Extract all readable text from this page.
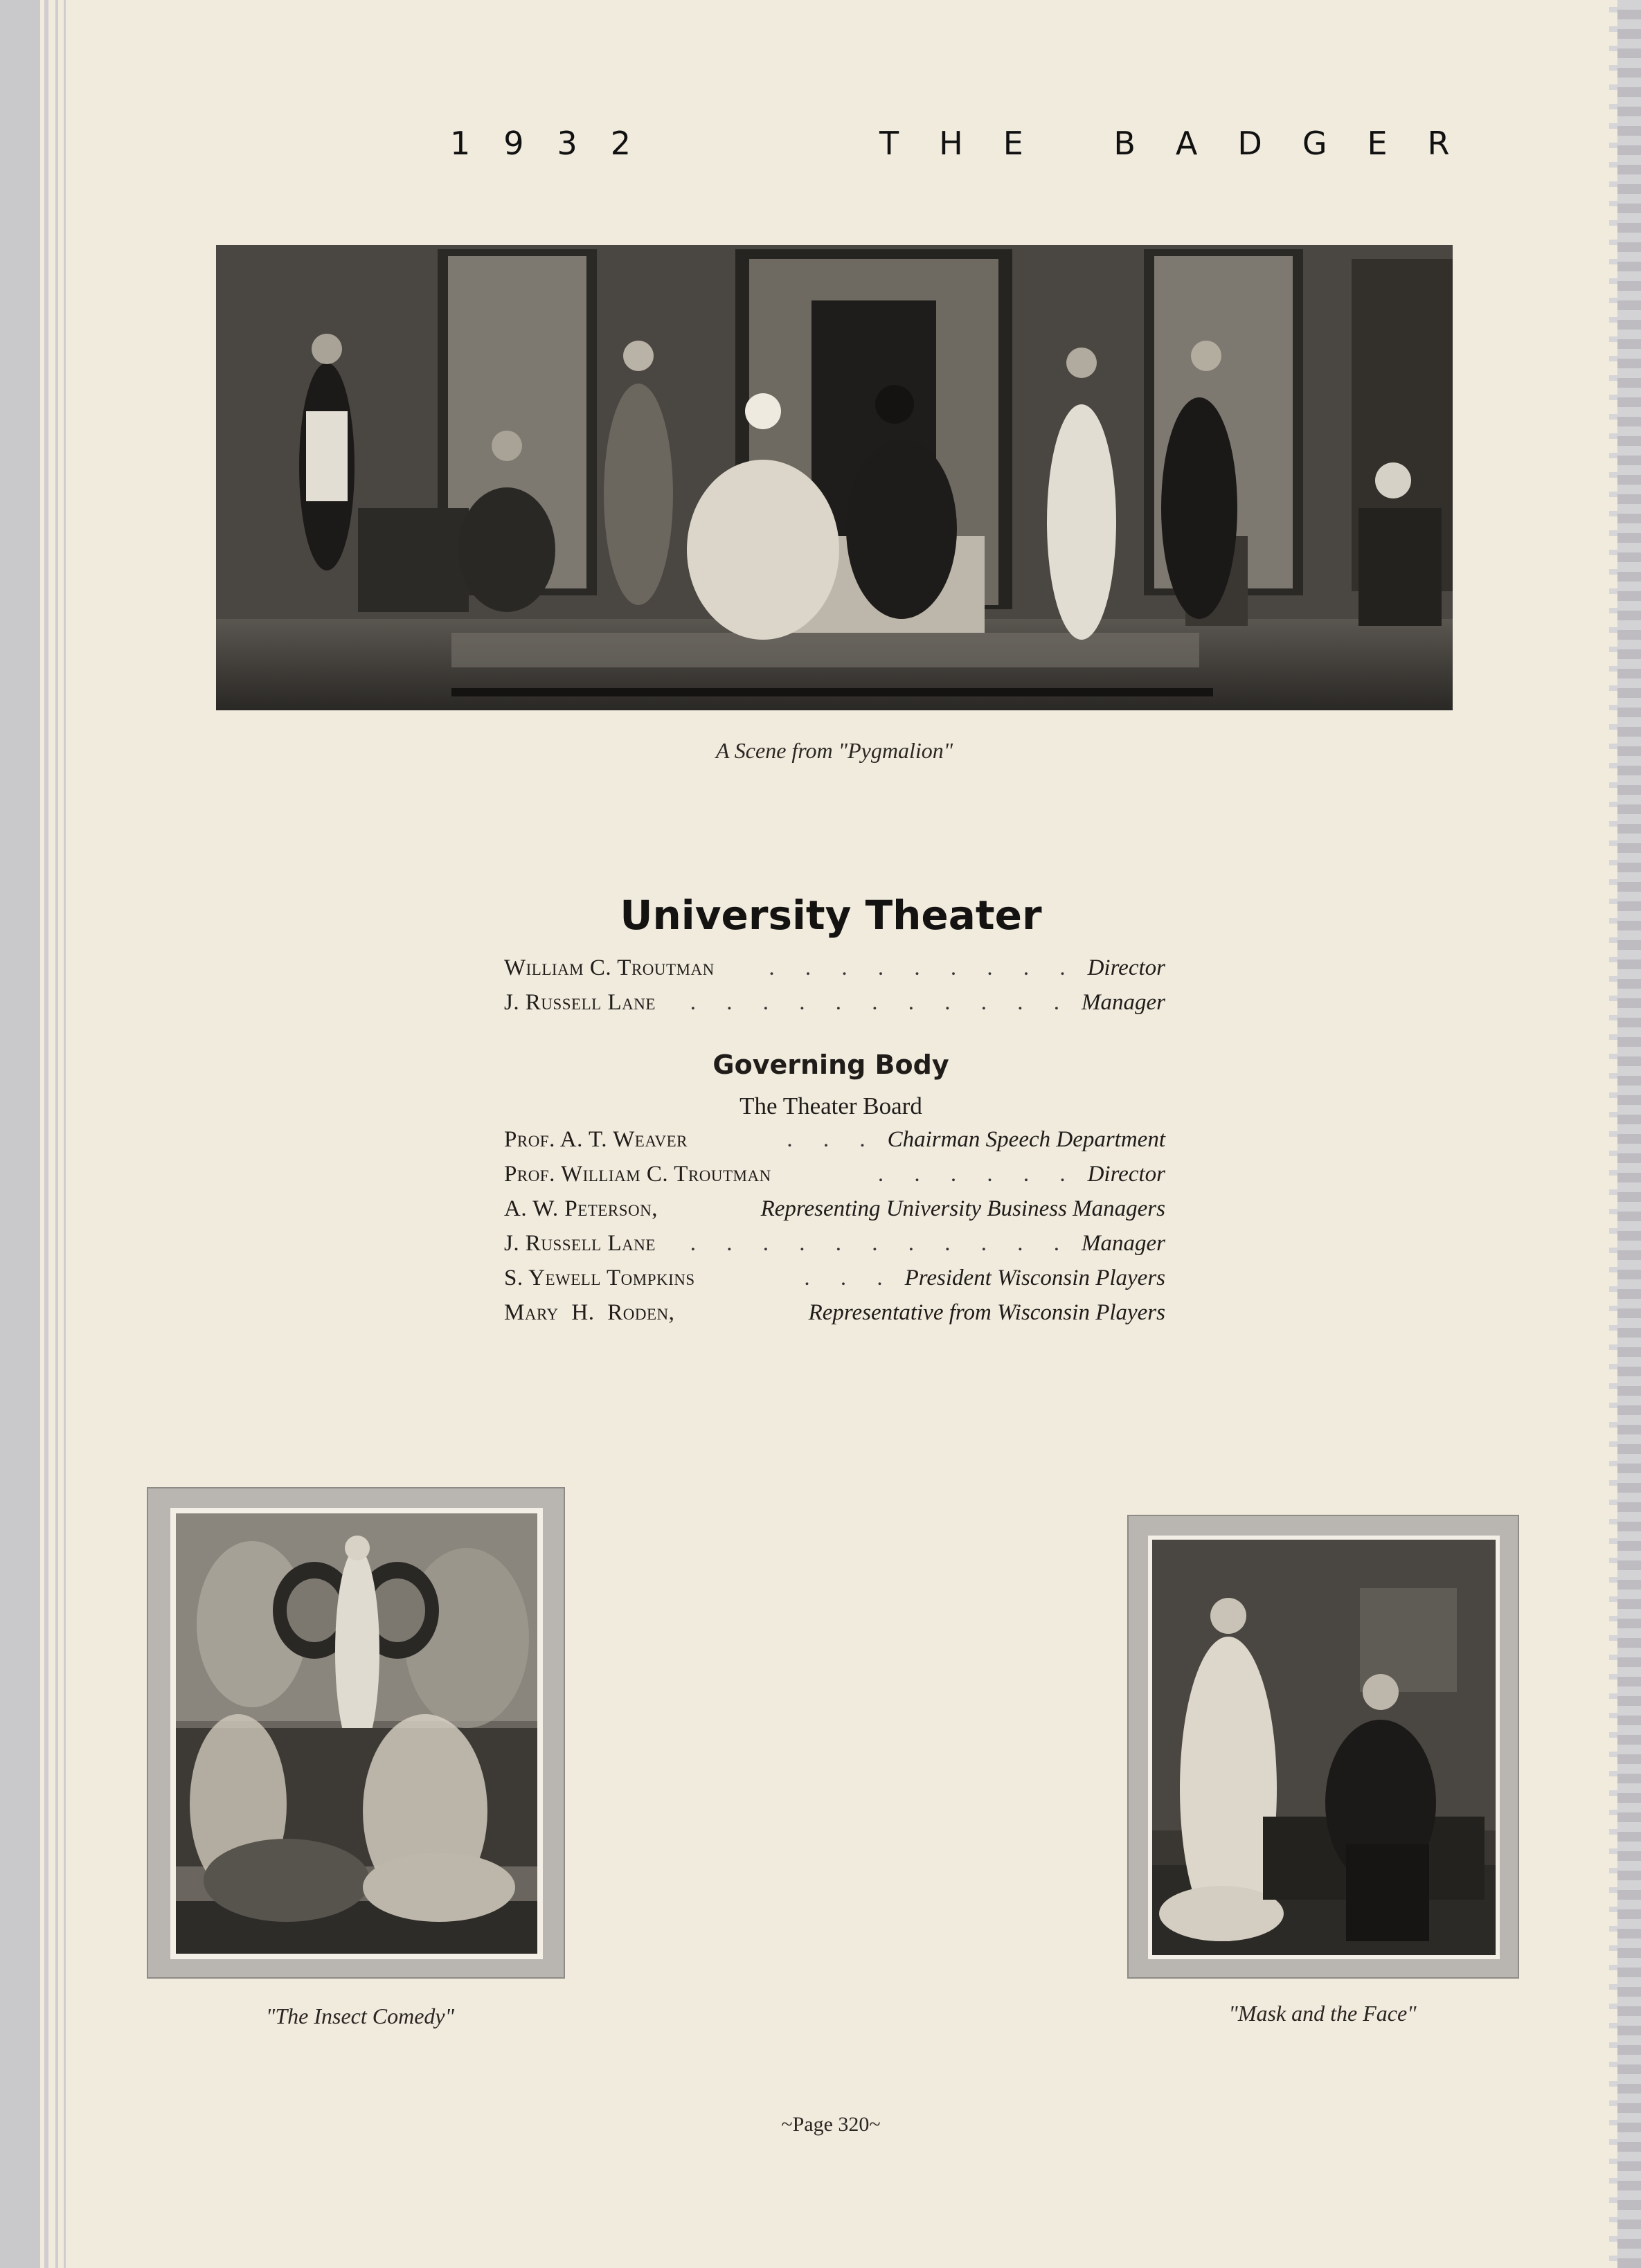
1932	THE BADGER
A Scene from "Pygmalion"
University Theater
William C. Troutman	. . . . . . . . . Director
J. Russell Lane	. . . . . . . . . . . Manager
Governing Body
The Theater Board
Prof. A. T. Weaver	. . . Chairman Speech Department
Prof. William C. Troutman	. . . . . . Director
A. W. Peterson,	Representing University Business Managers
J. Russell Lane	. . . . . . . . . . . Manager
S. Yewell Tompkins	. . . President Wisconsin Players
Mary H. Roden,	Representative from Wisconsin Players
"The Insect Comedy"	"Mask and the Face"
~Page 320~
